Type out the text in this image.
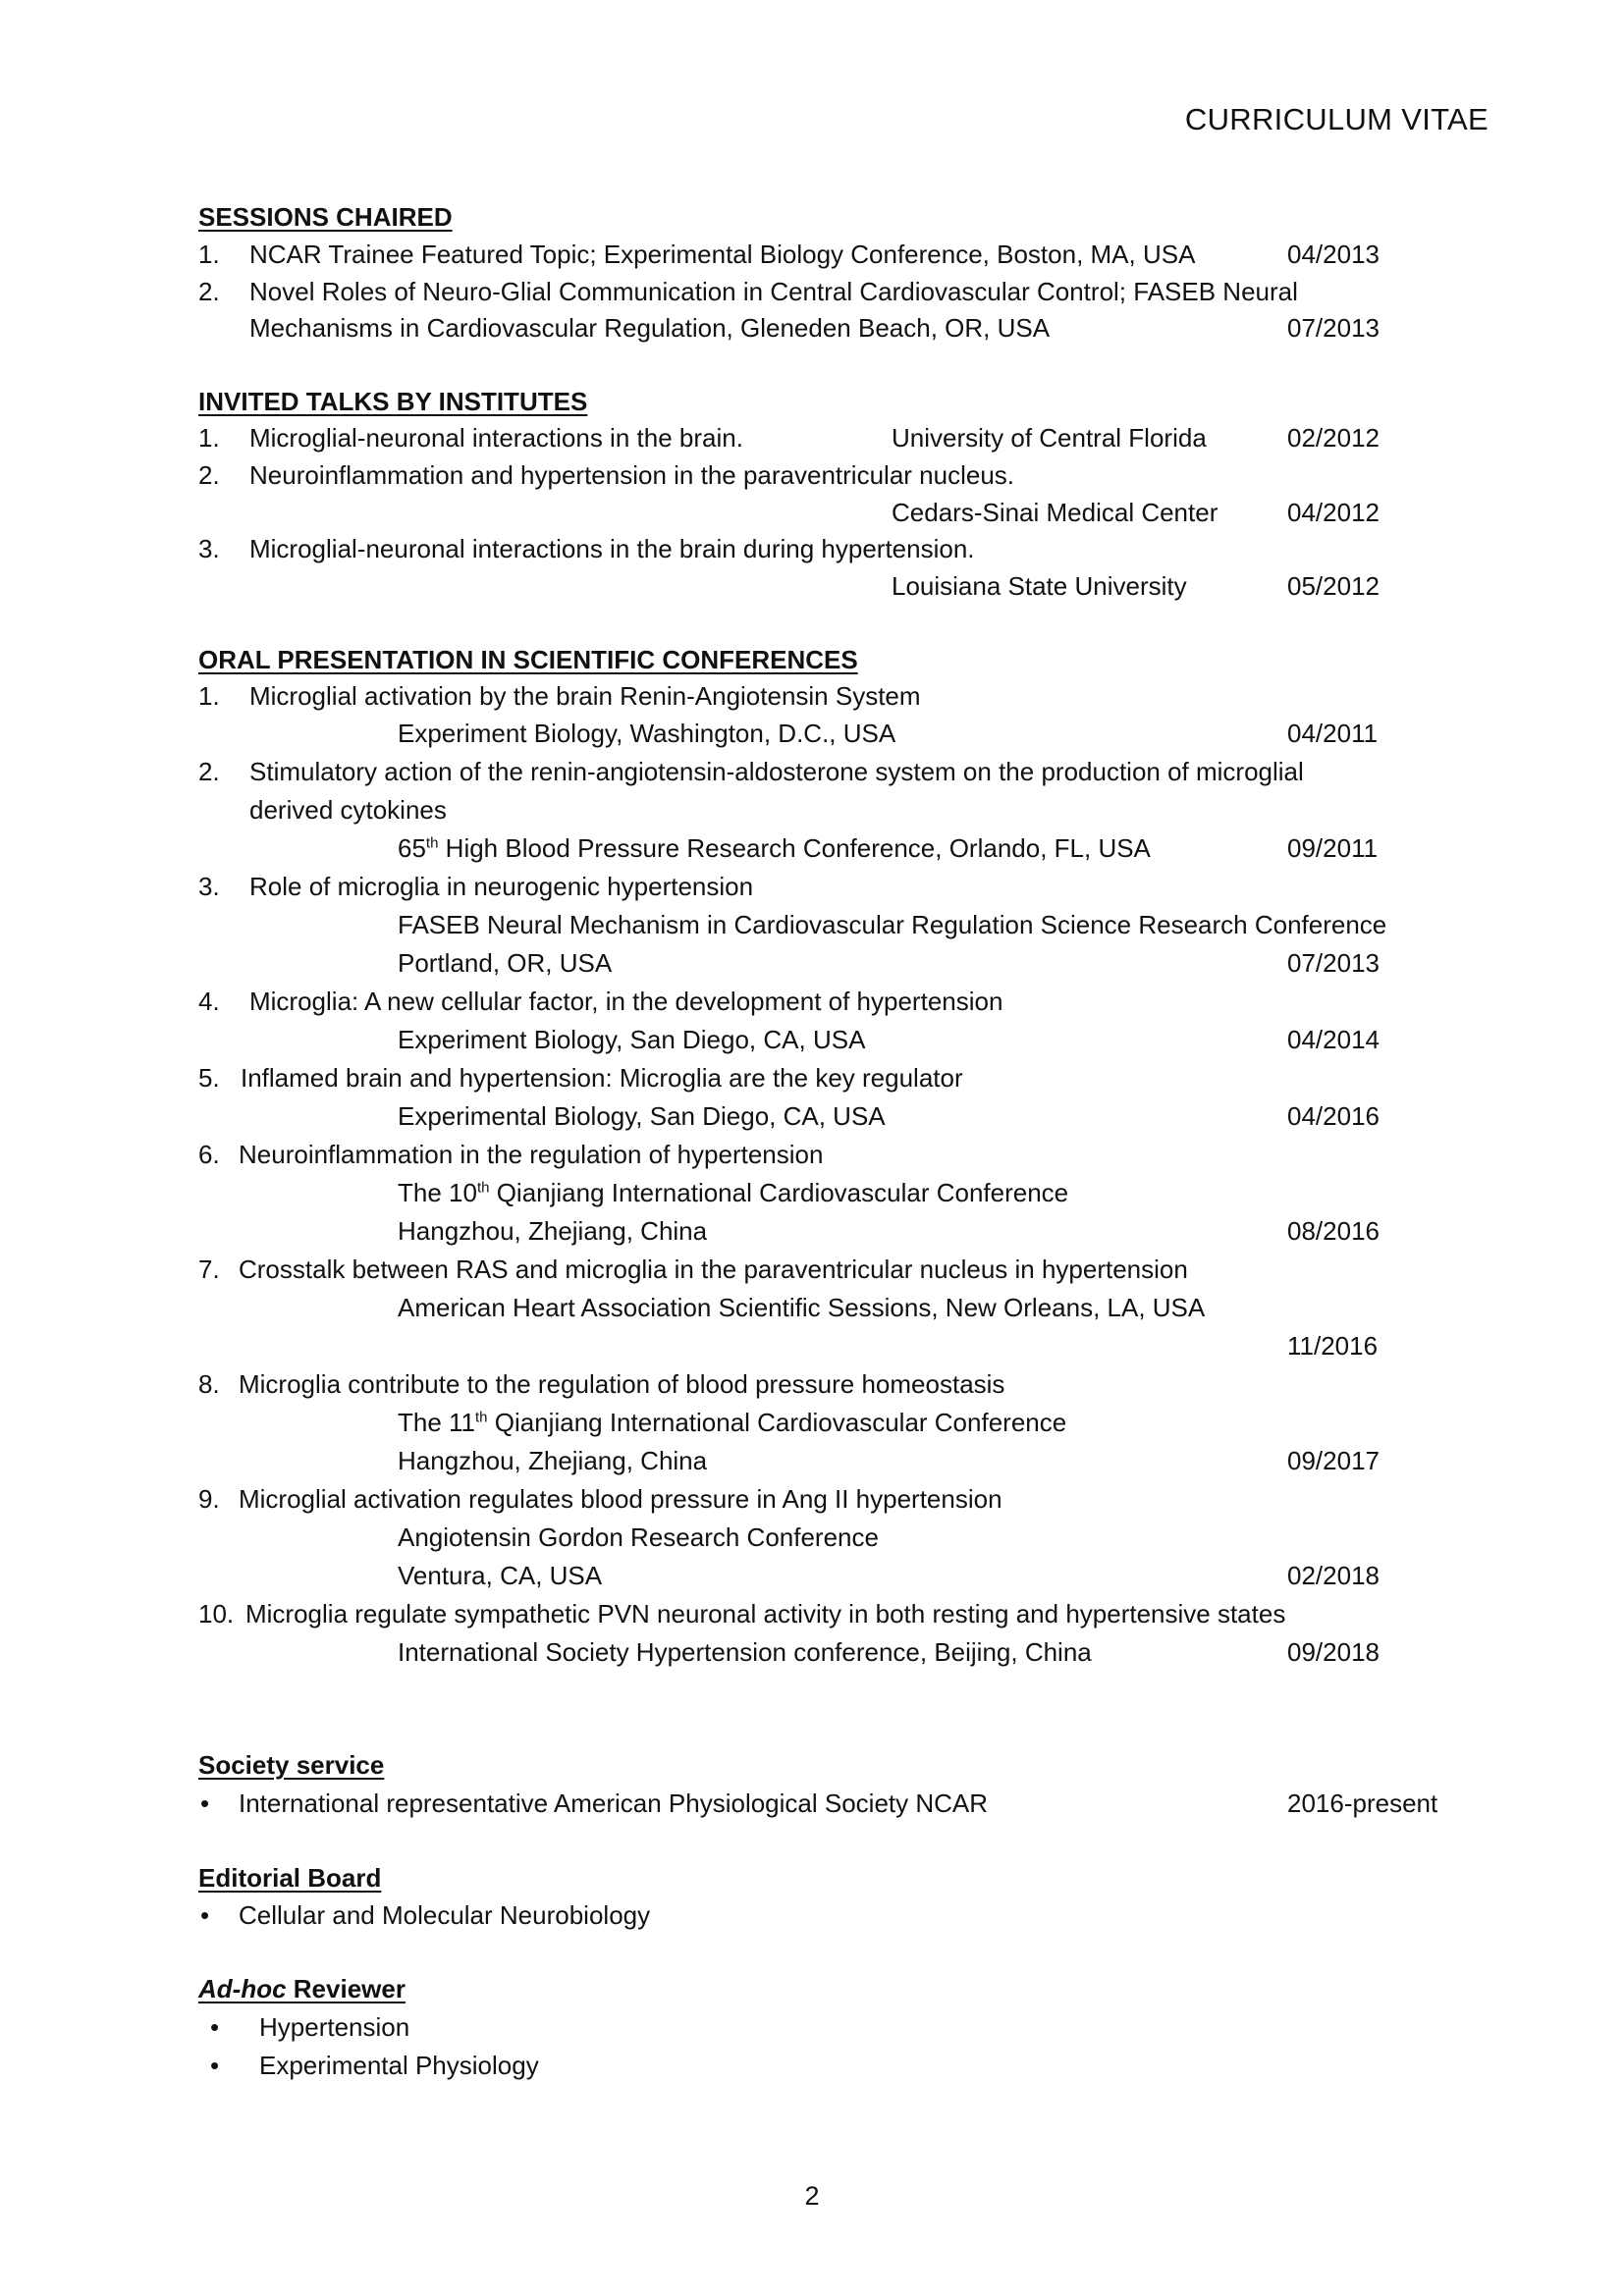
CURRICULUM VITAE
SESSIONS CHAIRED
1. NCAR Trainee Featured Topic; Experimental Biology Conference, Boston, MA, USA	04/2013
2. Novel Roles of Neuro-Glial Communication in Central Cardiovascular Control; FASEB Neural
Mechanisms in Cardiovascular Regulation, Gleneden Beach, OR, USA	07/2013
INVITED TALKS BY INSTITUTES
1. Microglial-neuronal interactions in the brain.	University of Central Florida	02/2012
2. Neuroinflammation and hypertension in the paraventricular nucleus.
Cedars-Sinai Medical Center	04/2012
3. Microglial-neuronal interactions in the brain during hypertension.
Louisiana State University	05/2012
ORAL PRESENTATION IN SCIENTIFIC CONFERENCES
1. Microglial activation by the brain Renin-Angiotensin System
Experiment Biology, Washington, D.C., USA	04/2011
2. Stimulatory action of the renin-angiotensin-aldosterone system on the production of microglial
derived cytokines
65th High Blood Pressure Research Conference, Orlando, FL, USA	09/2011
3. Role of microglia in neurogenic hypertension
FASEB Neural Mechanism in Cardiovascular Regulation Science Research Conference
Portland, OR, USA	07/2013
4. Microglia: A new cellular factor, in the development of hypertension
Experiment Biology, San Diego, CA, USA	04/2014
5. Inflamed brain and hypertension: Microglia are the key regulator
Experimental Biology, San Diego, CA, USA	04/2016
6. Neuroinflammation in the regulation of hypertension
The 10th Qianjiang International Cardiovascular Conference
Hangzhou, Zhejiang, China	08/2016
7. Crosstalk between RAS and microglia in the paraventricular nucleus in hypertension
American Heart Association Scientific Sessions, New Orleans, LA, USA
11/2016
8. Microglia contribute to the regulation of blood pressure homeostasis
The 11th Qianjiang International Cardiovascular Conference
Hangzhou, Zhejiang, China	09/2017
9. Microglial activation regulates blood pressure in Ang II hypertension
Angiotensin Gordon Research Conference
Ventura, CA, USA	02/2018
10. Microglia regulate sympathetic PVN neuronal activity in both resting and hypertensive states
International Society Hypertension conference, Beijing, China	09/2018
Society service
• International representative American Physiological Society NCAR	2016-present
Editorial Board
• Cellular and Molecular Neurobiology
Ad-hoc Reviewer
• Hypertension
• Experimental Physiology
2
